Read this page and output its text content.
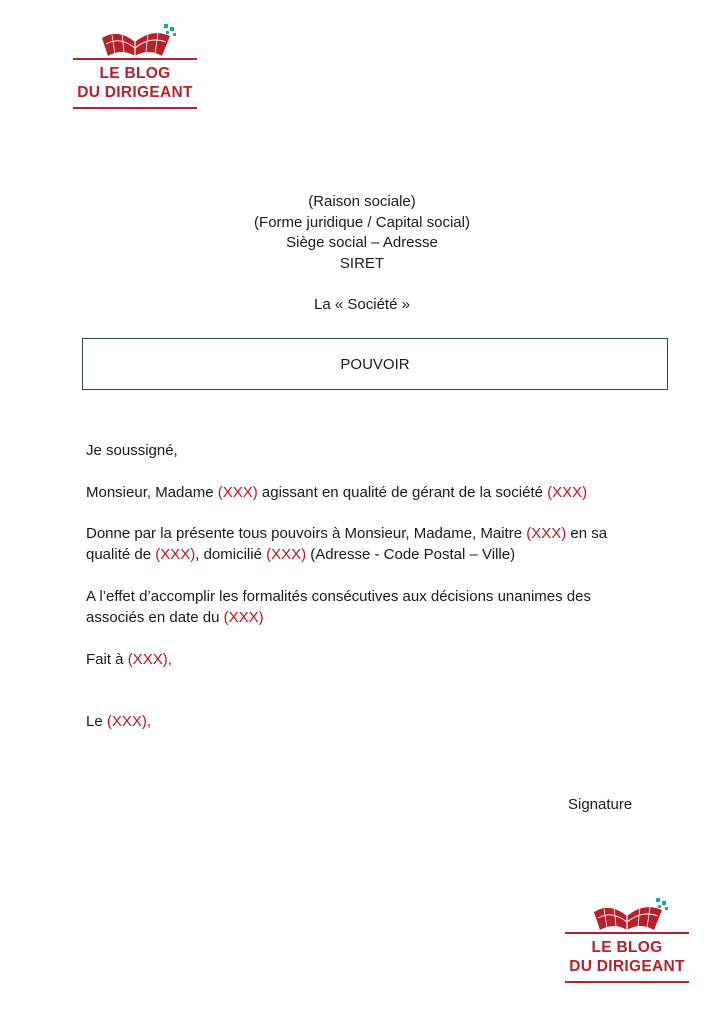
LE BLOG
DU DIRIGEANT
(Raison sociale)
(Forme juridique / Capital social)
Siège social – Adresse
SIRET
La « Société »
POUVOIR
Je soussigné,
Monsieur, Madame (XXX) agissant en qualité de gérant de la société (XXX)
Donne par la présente tous pouvoirs à Monsieur, Madame, Maitre (XXX) en sa qualité de (XXX), domicilié (XXX) (Adresse - Code Postal – Ville)
A l’effet d’accomplir les formalités consécutives aux décisions unanimes des associés en date du (XXX)
Fait à (XXX),
Le (XXX),
Signature
LE BLOG
DU DIRIGEANT
